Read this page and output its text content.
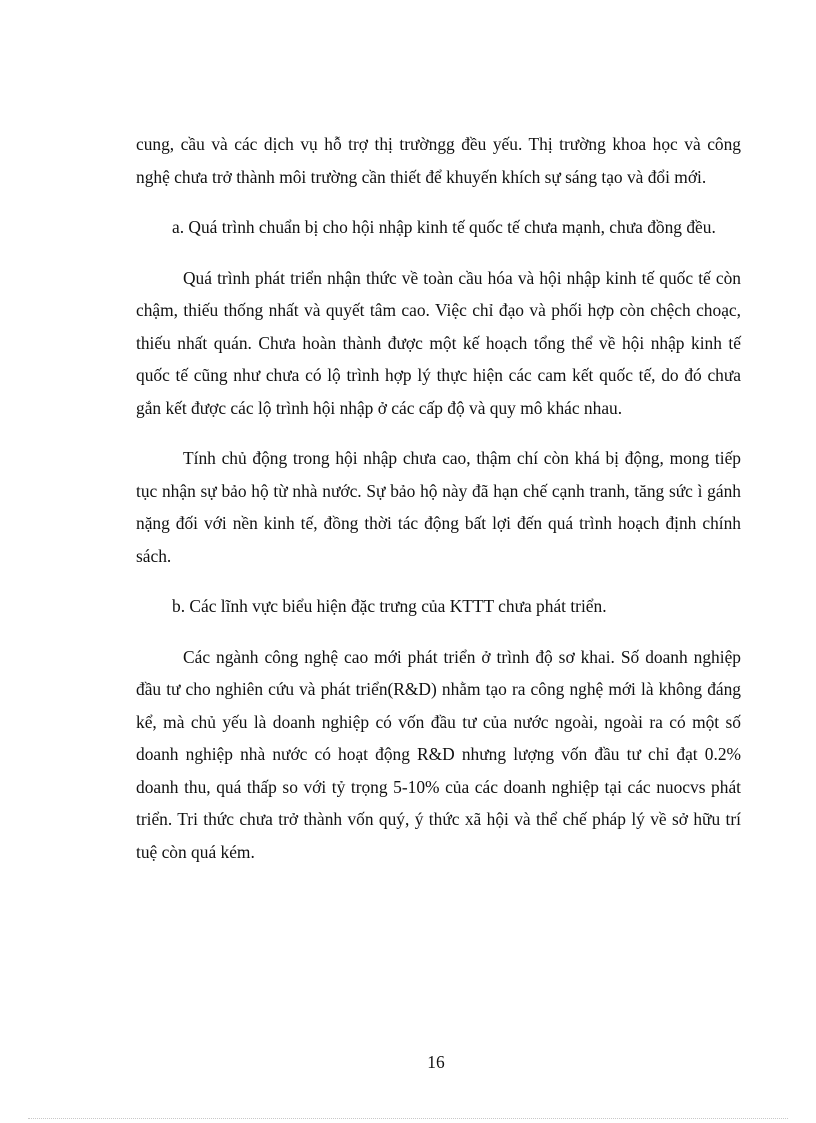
cung, cầu và các dịch vụ hỗ trợ thị trườngg đều yếu. Thị trường khoa học và công nghệ chưa trở thành môi trường cần thiết để khuyến khích sự sáng tạo và đổi mới.

a. Quá trình chuẩn bị cho hội nhập kinh tế quốc tế chưa mạnh, chưa đồng đều.

Quá trình phát triển nhận thức về toàn cầu hóa và hội nhập kinh tế quốc tế còn chậm, thiếu thống nhất và quyết tâm cao. Việc chỉ đạo và phối hợp còn chệch choạc, thiếu nhất quán. Chưa hoàn thành được một kế hoạch tổng thể về hội nhập kinh tế quốc tế cũng như chưa có lộ trình hợp lý thực hiện các cam kết quốc tế, do đó chưa gắn kết được các lộ trình hội nhập ở các cấp độ và quy mô khác nhau.

Tính chủ động trong hội nhập chưa cao, thậm chí còn khá bị động, mong tiếp tục nhận sự bảo hộ từ nhà nước. Sự bảo hộ này đã hạn chế cạnh tranh, tăng sức ì gánh nặng đối với nền kinh tế, đồng thời tác động bất lợi đến quá trình hoạch định chính sách.

b. Các lĩnh vực biểu hiện đặc trưng của KTTT chưa phát triển.

Các ngành công nghệ cao mới phát triển ở trình độ sơ khai. Số doanh nghiệp đầu tư cho nghiên cứu và phát triển(R&D) nhằm tạo ra công nghệ mới là không đáng kể, mà chủ yếu là doanh nghiệp có vốn đầu tư của nước ngoài, ngoài ra có một số doanh nghiệp nhà nước có hoạt động R&D nhưng lượng vốn đầu tư chỉ đạt 0.2% doanh thu, quá thấp so với tỷ trọng 5-10% của các doanh nghiệp tại các nuocvs phát triển. Tri thức chưa trở thành vốn quý, ý thức xã hội và thể chế pháp lý về sở hữu trí tuệ còn quá kém.

16
